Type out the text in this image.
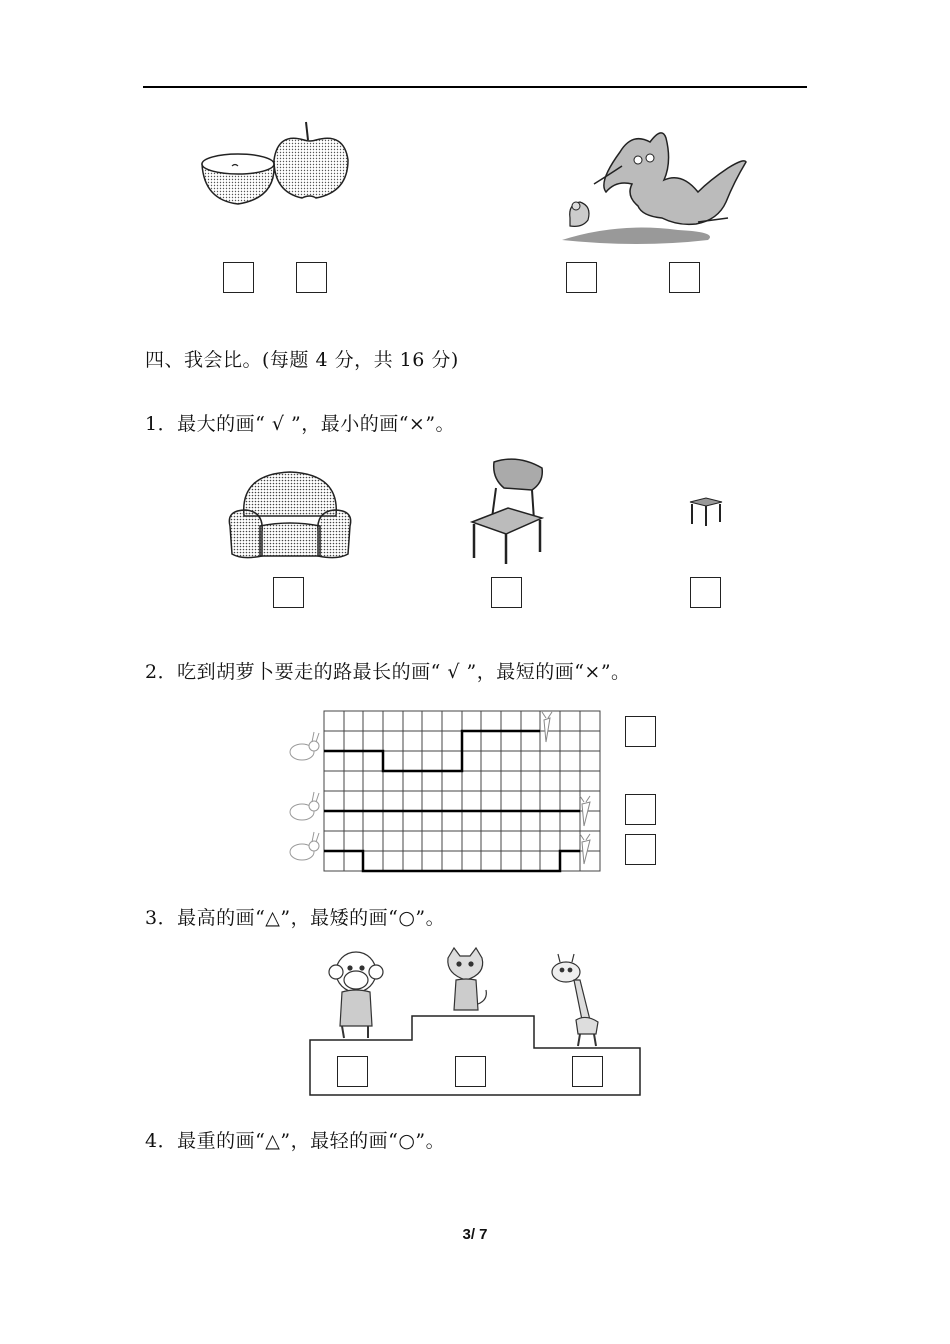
四、我会比。(每题 4 分，共 16 分)
1．最大的画“ √ ”，最小的画“×”。
2．吃到胡萝卜要走的路最长的画“ √ ”，最短的画“×”。
3．最高的画“△”，最矮的画“○”。
4．最重的画“△”，最轻的画“○”。
3/ 7
